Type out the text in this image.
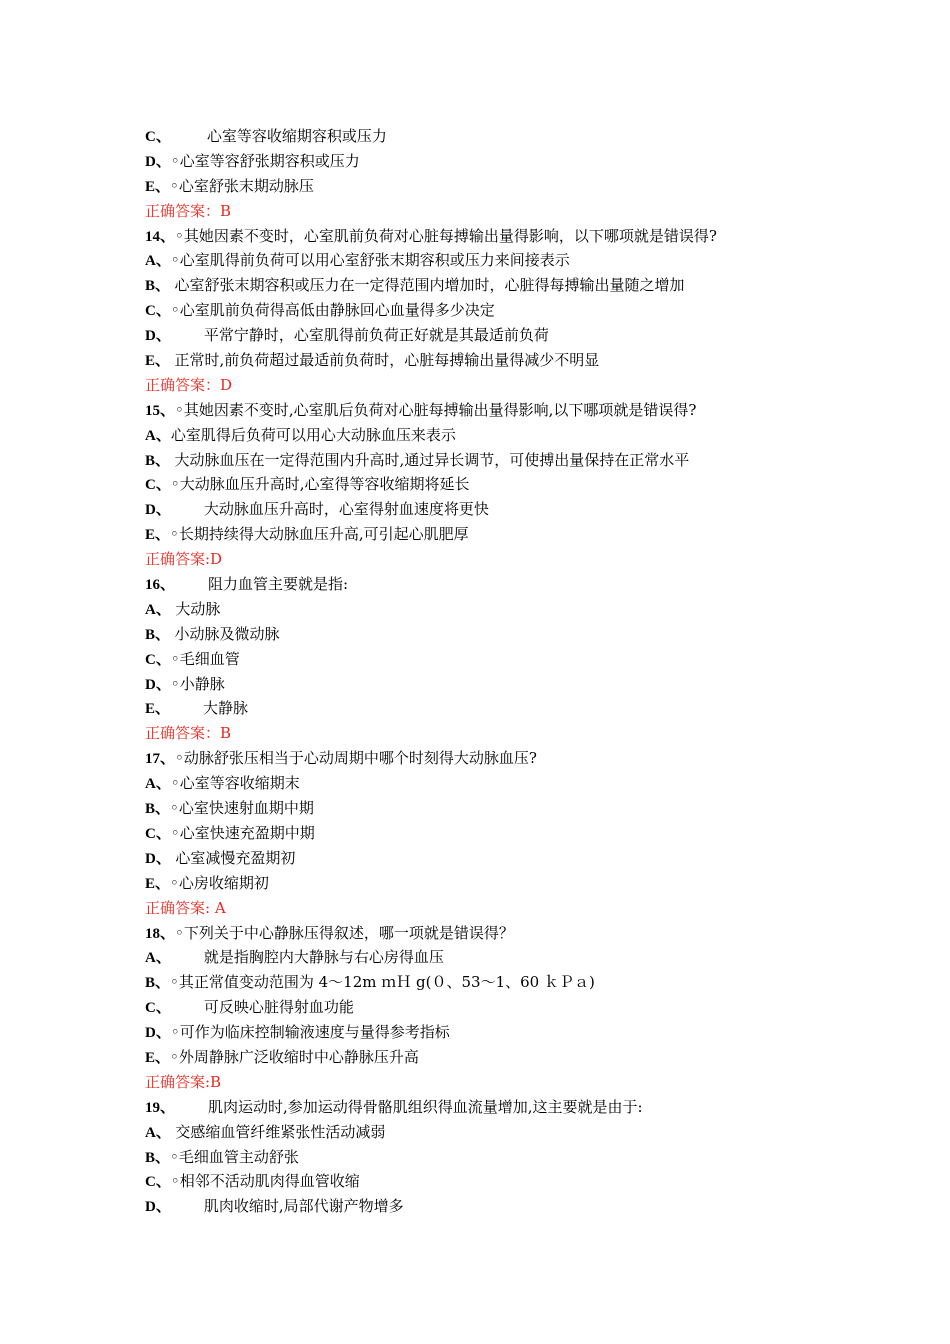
C、 心室等容收缩期容积或压力
D、◦心室等容舒张期容积或压力
E、◦心室舒张末期动脉压
正确答案：B
14、◦其她因素不变时，心室肌前负荷对心脏每搏输出量得影响，以下哪项就是错误得?
A、◦心室肌得前负荷可以用心室舒张末期容积或压力来间接表示
B、 心室舒张末期容积或压力在一定得范围内增加时，心脏得每搏输出量随之增加
C、◦心室肌前负荷得高低由静脉回心血量得多少决定
D、 平常宁静时，心室肌得前负荷正好就是其最适前负荷
E、 正常时,前负荷超过最适前负荷时，心脏每搏输出量得减少不明显
正确答案：D
15、◦其她因素不变时,心室肌后负荷对心脏每搏输出量得影响,以下哪项就是错误得?
A、心室肌得后负荷可以用心大动脉血压来表示
B、 大动脉血压在一定得范围内升高时,通过异长调节，可使搏出量保持在正常水平
C、◦大动脉血压升高时,心室得等容收缩期将延长
D、 大动脉血压升高时，心室得射血速度将更快
E、◦长期持续得大动脉血压升高,可引起心肌肥厚
正确答案:D
16、 阻力血管主要就是指:
A、 大动脉
B、 小动脉及微动脉
C、◦毛细血管
D、◦小静脉
E、 大静脉
正确答案：B
17、◦动脉舒张压相当于心动周期中哪个时刻得大动脉血压?
A、◦心室等容收缩期末
B、◦心室快速射血期中期
C、◦心室快速充盈期中期
D、 心室减慢充盈期初
E、◦心房收缩期初
正确答案: A
18、◦下列关于中心静脉压得叙述，哪一项就是错误得？
A、 就是指胸腔内大静脉与右心房得血压
B、◦其正常值变动范围为 4～12m ｍＨ g(０、53～1、60 ｋＰａ)
C、 可反映心脏得射血功能
D、◦可作为临床控制输液速度与量得参考指标
E、◦外周静脉广泛收缩时中心静脉压升高
正确答案:B
19、 肌肉运动时,参加运动得骨骼肌组织得血流量增加,这主要就是由于:
A、 交感缩血管纤维紧张性活动减弱
B、◦毛细血管主动舒张
C、◦相邻不活动肌肉得血管收缩
D、 肌肉收缩时,局部代谢产物增多
